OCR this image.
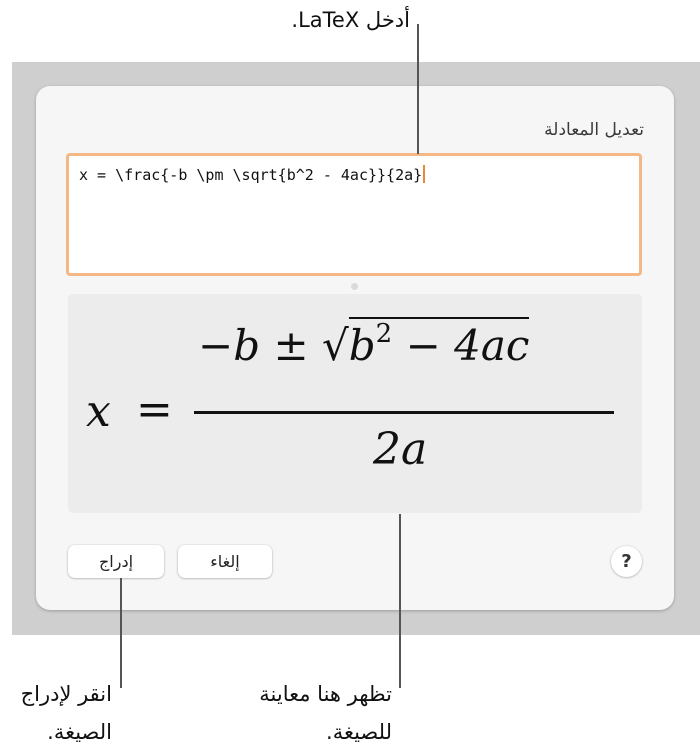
تعديل المعادلة
x = \frac{-b \pm \sqrt{b^2 - 4ac}}{2a}
x =
$-b \pm √b^2 - 4ac$
2a
إدراج	إلغاء	?
أدخل LaTeX.
انقر لإدراج
الصيغة.
تظهر هنا معاينة
للصيغة.
